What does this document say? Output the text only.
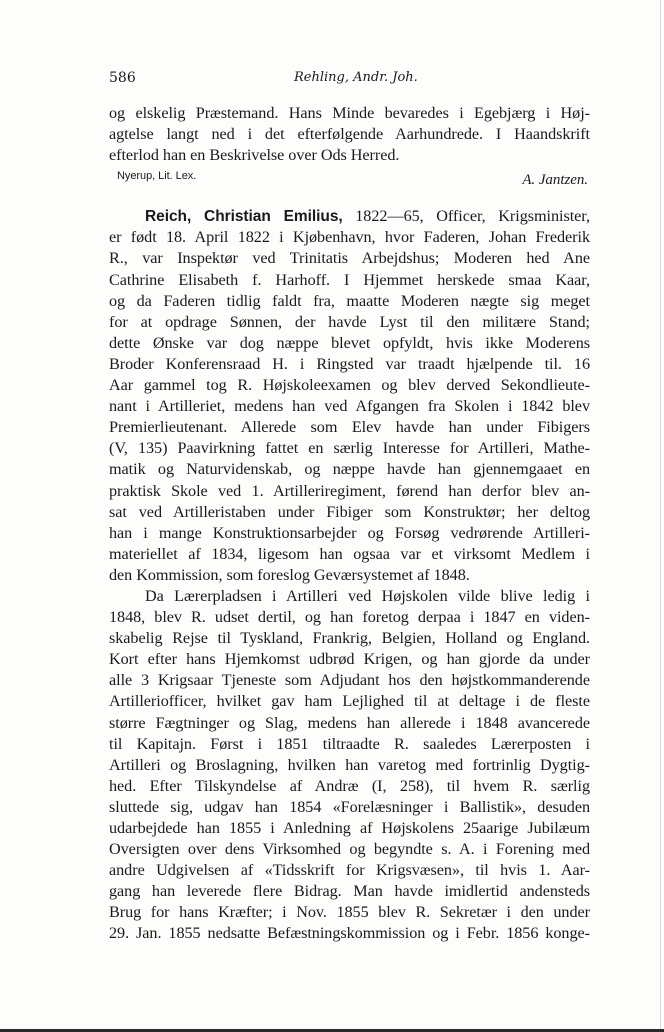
586	Rehling, Andr. Joh.
og elskelig Præstemand. Hans Minde bevaredes i Egebjærg i Høj-
agtelse langt ned i det efterfølgende Aarhundrede. I Haandskrift
efterlod han en Beskrivelse over Ods Herred.
Nyerup, Lit. Lex.	A. Jantzen.
Reich, Christian Emilius, 1822—65, Officer, Krigsminister,
er født 18. April 1822 i Kjøbenhavn, hvor Faderen, Johan Frederik
R., var Inspektør ved Trinitatis Arbejdshus; Moderen hed Ane
Cathrine Elisabeth f. Harhoff. I Hjemmet herskede smaa Kaar,
og da Faderen tidlig faldt fra, maatte Moderen nægte sig meget
for at opdrage Sønnen, der havde Lyst til den militære Stand;
dette Ønske var dog næppe blevet opfyldt, hvis ikke Moderens
Broder Konferensraad H. i Ringsted var traadt hjælpende til. 16
Aar gammel tog R. Højskoleexamen og blev derved Sekondlieute-
nant i Artilleriet, medens han ved Afgangen fra Skolen i 1842 blev
Premierlieutenant. Allerede som Elev havde han under Fibigers
(V, 135) Paavirkning fattet en særlig Interesse for Artilleri, Mathe-
matik og Naturvidenskab, og næppe havde han gjennemgaaet en
praktisk Skole ved 1. Artilleriregiment, førend han derfor blev an-
sat ved Artilleristaben under Fibiger som Konstruktør; her deltog
han i mange Konstruktionsarbejder og Forsøg vedrørende Artilleri-
materiellet af 1834, ligesom han ogsaa var et virksomt Medlem i
den Kommission, som foreslog Geværsystemet af 1848.
Da Lærerpladsen i Artilleri ved Højskolen vilde blive ledig i
1848, blev R. udset dertil, og han foretog derpaa i 1847 en viden-
skabelig Rejse til Tyskland, Frankrig, Belgien, Holland og England.
Kort efter hans Hjemkomst udbrød Krigen, og han gjorde da under
alle 3 Krigsaar Tjeneste som Adjudant hos den højstkommanderende
Artilleriofficer, hvilket gav ham Lejlighed til at deltage i de fleste
større Fægtninger og Slag, medens han allerede i 1848 avancerede
til Kapitajn. Først i 1851 tiltraadte R. saaledes Lærerposten i
Artilleri og Broslagning, hvilken han varetog med fortrinlig Dygtig-
hed. Efter Tilskyndelse af Andræ (I, 258), til hvem R. særlig
sluttede sig, udgav han 1854 «Forelæsninger i Ballistik», desuden
udarbejdede han 1855 i Anledning af Højskolens 25aarige Jubilæum
Oversigten over dens Virksomhed og begyndte s. A. i Forening med
andre Udgivelsen af «Tidsskrift for Krigsvæsen», til hvis 1. Aar-
gang han leverede flere Bidrag. Man havde imidlertid andensteds
Brug for hans Kræfter; i Nov. 1855 blev R. Sekretær i den under
29. Jan. 1855 nedsatte Befæstningskommission og i Febr. 1856 konge-
